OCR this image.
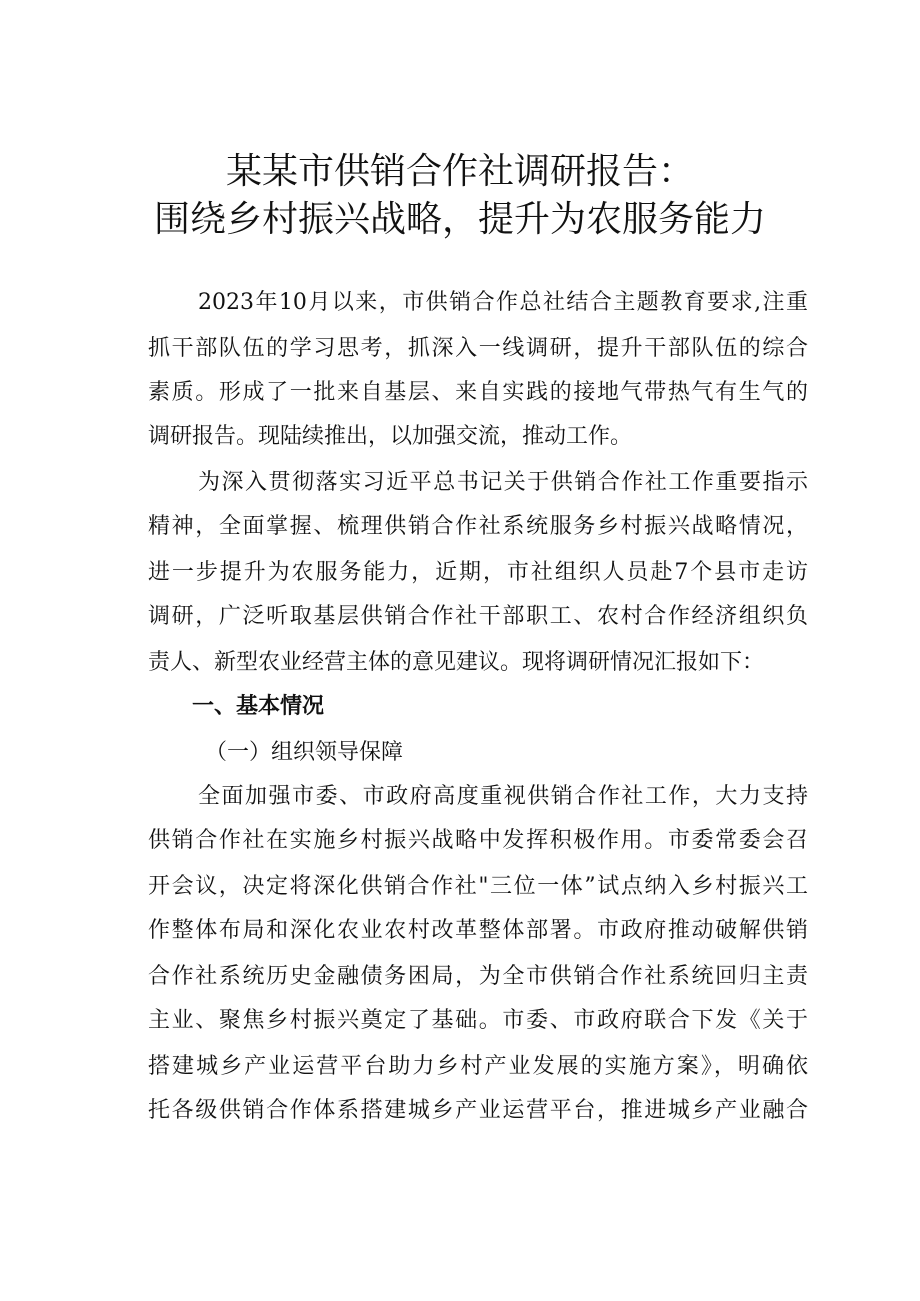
某某市供销合作社调研报告：
围绕乡村振兴战略，提升为农服务能力
2023年10月以来，市供销合作总社结合主题教育要求,注重
抓干部队伍的学习思考，抓深入一线调研，提升干部队伍的综合
素质。形成了一批来自基层、来自实践的接地气带热气有生气的
调研报告。现陆续推出，以加强交流，推动工作。
为深入贯彻落实习近平总书记关于供销合作社工作重要指示
精神，全面掌握、梳理供销合作社系统服务乡村振兴战略情况，
进一步提升为农服务能力，近期，市社组织人员赴7个县市走访
调研，广泛听取基层供销合作社干部职工、农村合作经济组织负
责人、新型农业经营主体的意见建议。现将调研情况汇报如下：
一、基本情况
（一）组织领导保障
全面加强市委、市政府高度重视供销合作社工作，大力支持
供销合作社在实施乡村振兴战略中发挥积极作用。市委常委会召
开会议，决定将深化供销合作社"三位一体”试点纳入乡村振兴工
作整体布局和深化农业农村改革整体部署。市政府推动破解供销
合作社系统历史金融债务困局，为全市供销合作社系统回归主责
主业、聚焦乡村振兴奠定了基础。市委、市政府联合下发《关于
搭建城乡产业运营平台助力乡村产业发展的实施方案》，明确依
托各级供销合作体系搭建城乡产业运营平台，推进城乡产业融合
